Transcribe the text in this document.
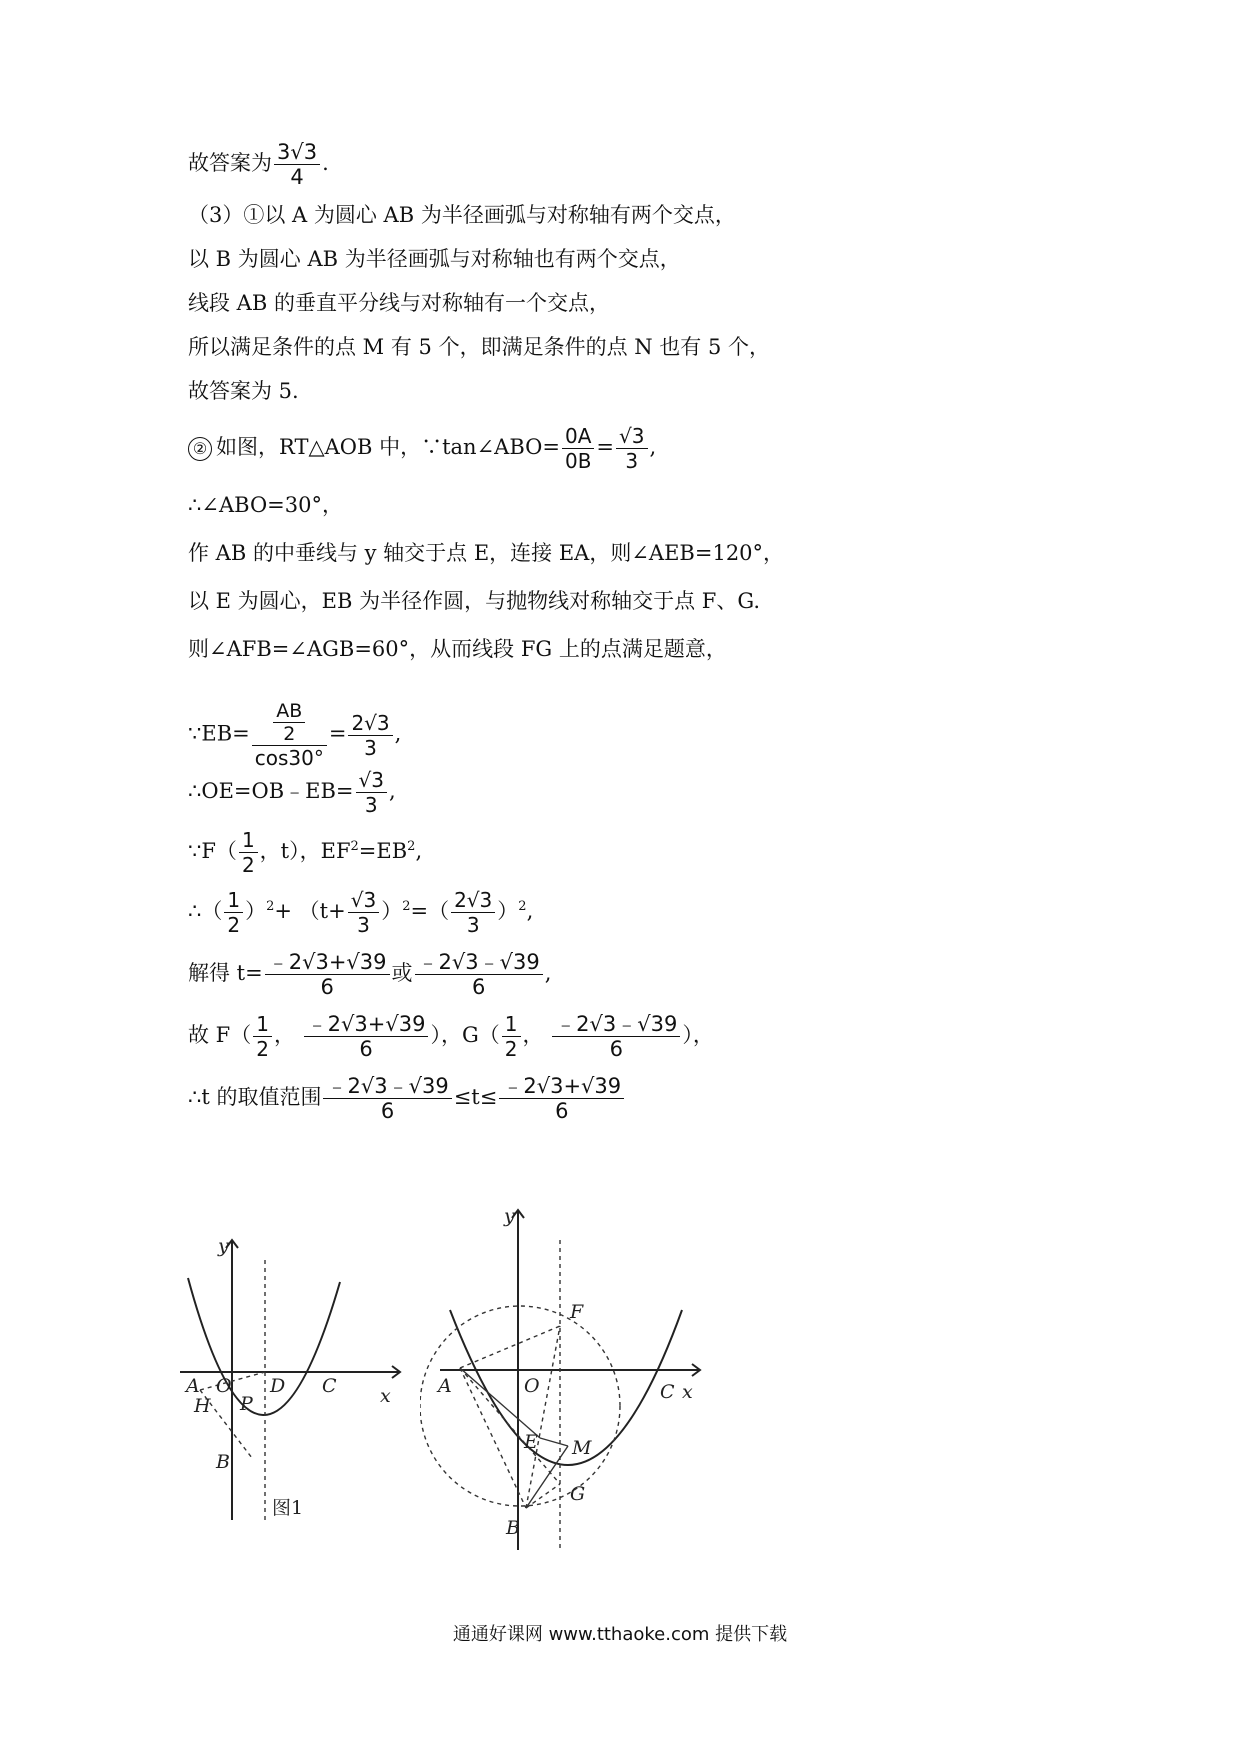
故答案为 $\frac{3√3}{4}$ .
（3）①以 A 为圆心 AB 为半径画弧与对称轴有两个交点，
以 B 为圆心 AB 为半径画弧与对称轴也有两个交点，
线段 AB 的垂直平分线与对称轴有一个交点，
所以满足条件的点 M 有 5 个，即满足条件的点 N 也有 5 个，
故答案为 5.
② 如图，RT△AOB 中，∵tan∠ABO= $\frac{0A}{0B} = \frac{√3}{3}$ ,
∴∠ABO=30°，
作 AB 的中垂线与 y 轴交于点 E，连接 EA，则∠AEB=120°，
以 E 为圆心，EB 为半径作圆，与抛物线对称轴交于点 F、G.
则∠AFB=∠AGB=60°，从而线段 FG 上的点满足题意，
∵EB= $\frac{\frac{AB}{2}}{\cos 30^\circ} = \frac{2√3}{3}$ ,
∴OE=OB﹣EB= $\frac{√3}{3}$ ,
∵F（ $\frac{1}{2}$ ，t），$EF^2=EB^2$,
∴（ $\frac{1}{2} )^2+ (t+ \frac{√3}{3} )^2=( \frac{2√3}{3} )^2$,
解得 $t= \frac{﹣2√3+√39}{6}$ 或 $\frac{﹣2√3﹣√39}{6}$ ,
故 $F( \frac{1}{2}$ ， $\frac{﹣2√3+√39}{6}$ ），$G( \frac{1}{2}$ ， $\frac{﹣2√3﹣√39}{6}$ ），
∴t 的取值范围 $\frac{﹣2√3﹣√39}{6} \le t\le \frac{﹣2√3+√39}{6}$
y
x
A O D C
H P
B
图1
y
x
A	O	C
F
E M
G
B
通通好课网 www.tthaoke.com 提供下载
